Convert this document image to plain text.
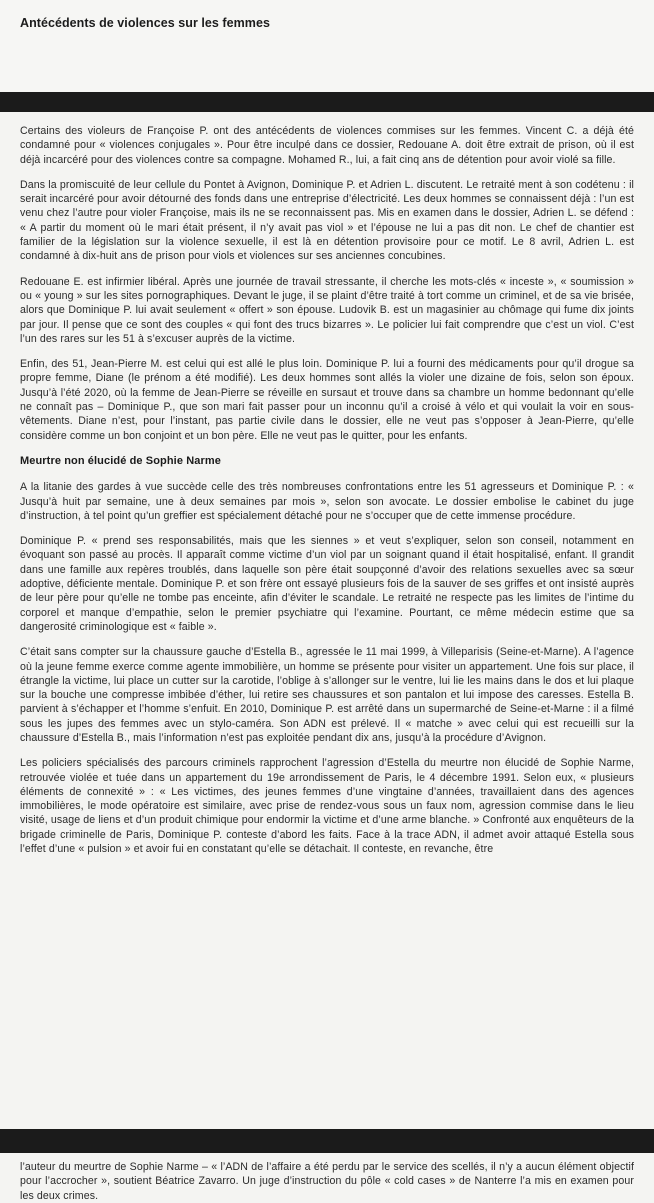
Antécédents de violences sur les femmes

Certains des violeurs de Françoise P. ont des antécédents de violences commises sur les femmes. Vincent C. a déjà été condamné pour « violences conjugales ». Pour être inculpé dans ce dossier, Redouane A. doit être extrait de prison, où il est déjà incarcéré pour des violences contre sa compagne. Mohamed R., lui, a fait cinq ans de détention pour avoir violé sa fille.

Dans la promiscuité de leur cellule du Pontet à Avignon, Dominique P. et Adrien L. discutent. Le retraité ment à son codétenu : il serait incarcéré pour avoir détourné des fonds dans une entreprise d’électricité. Les deux hommes se connaissent déjà : l’un est venu chez l’autre pour violer Françoise, mais ils ne se reconnaissent pas. Mis en examen dans le dossier, Adrien L. se défend : « A partir du moment où le mari était présent, il n’y avait pas viol » et l’épouse ne lui a pas dit non. Le chef de chantier est familier de la législation sur la violence sexuelle, il est là en détention provisoire pour ce motif. Le 8 avril, Adrien L. est condamné à dix-huit ans de prison pour viols et violences sur ses anciennes concubines.

Redouane E. est infirmier libéral. Après une journée de travail stressante, il cherche les mots-clés « inceste », « soumission » ou « young » sur les sites pornographiques. Devant le juge, il se plaint d’être traité à tort comme un criminel, et de sa vie brisée, alors que Dominique P. lui avait seulement « offert » son épouse. Ludovik B. est un magasinier au chômage qui fume dix joints par jour. Il pense que ce sont des couples « qui font des trucs bizarres ». Le policier lui fait comprendre que c’est un viol. C’est l’un des rares sur les 51 à s’excuser auprès de la victime.

Enfin, des 51, Jean-Pierre M. est celui qui est allé le plus loin. Dominique P. lui a fourni des médicaments pour qu’il drogue sa propre femme, Diane (le prénom a été modifié). Les deux hommes sont allés la violer une dizaine de fois, selon son époux. Jusqu’à l’été 2020, où la femme de Jean-Pierre se réveille en sursaut et trouve dans sa chambre un homme bedonnant qu’elle ne connaît pas – Dominique P., que son mari fait passer pour un inconnu qu’il a croisé à vélo et qui voulait la voir en sous-vêtements. Diane n’est, pour l’instant, pas partie civile dans le dossier, elle ne veut pas s’opposer à Jean-Pierre, qu’elle considère comme un bon conjoint et un bon père. Elle ne veut pas le quitter, pour les enfants.

Meurtre non élucidé de Sophie Narme

A la litanie des gardes à vue succède celle des très nombreuses confrontations entre les 51 agresseurs et Dominique P. : « Jusqu’à huit par semaine, une à deux semaines par mois », selon son avocate. Le dossier embolise le cabinet du juge d’instruction, à tel point qu’un greffier est spécialement détaché pour ne s’occuper que de cette immense procédure.

Dominique P. « prend ses responsabilités, mais que les siennes » et veut s’expliquer, selon son conseil, notamment en évoquant son passé au procès. Il apparaît comme victime d’un viol par un soignant quand il était hospitalisé, enfant. Il grandit dans une famille aux repères troublés, dans laquelle son père était soupçonné d’avoir des relations sexuelles avec sa sœur adoptive, déficiente mentale. Dominique P. et son frère ont essayé plusieurs fois de la sauver de ses griffes et ont insisté auprès de leur père pour qu’elle ne tombe pas enceinte, afin d’éviter le scandale. Le retraité ne respecte pas les limites de l’intime du corporel et manque d’empathie, selon le premier psychiatre qui l’examine. Pourtant, ce même médecin estime que sa dangerosité criminologique est « faible ».

C’était sans compter sur la chaussure gauche d’Estella B., agressée le 11 mai 1999, à Villeparisis (Seine-et-Marne). A l’agence où la jeune femme exerce comme agente immobilière, un homme se présente pour visiter un appartement. Une fois sur place, il étrangle la victime, lui place un cutter sur la carotide, l’oblige à s’allonger sur le ventre, lui lie les mains dans le dos et lui plaque sur la bouche une compresse imbibée d’éther, lui retire ses chaussures et son pantalon et lui impose des caresses. Estella B. parvient à s’échapper et l’homme s’enfuit. En 2010, Dominique P. est arrêté dans un supermarché de Seine-et-Marne : il a filmé sous les jupes des femmes avec un stylo-caméra. Son ADN est prélevé. Il « matche » avec celui qui est recueilli sur la chaussure d’Estella B., mais l’information n’est pas exploitée pendant dix ans, jusqu’à la procédure d’Avignon.

Les policiers spécialisés des parcours criminels rapprochent l’agression d’Estella du meurtre non élucidé de Sophie Narme, retrouvée violée et tuée dans un appartement du 19e arrondissement de Paris, le 4 décembre 1991. Selon eux, « plusieurs éléments de connexité » : « Les victimes, des jeunes femmes d’une vingtaine d’années, travaillaient dans des agences immobilières, le mode opératoire est similaire, avec prise de rendez-vous sous un faux nom, agression commise dans le lieu visité, usage de liens et d’un produit chimique pour endormir la victime et d’une arme blanche. » Confronté aux enquêteurs de la brigade criminelle de Paris, Dominique P. conteste d’abord les faits. Face à la trace ADN, il admet avoir attaqué Estella sous l’effet d’une « pulsion » et avoir fui en constatant qu’elle se détachait. Il conteste, en revanche, être

l’auteur du meurtre de Sophie Narme – « l’ADN de l’affaire a été perdu par le service des scellés, il n’y a aucun élément objectif pour l’accrocher », soutient Béatrice Zavarro. Un juge d’instruction du pôle « cold cases » de Nanterre l’a mis en examen pour les deux crimes.
